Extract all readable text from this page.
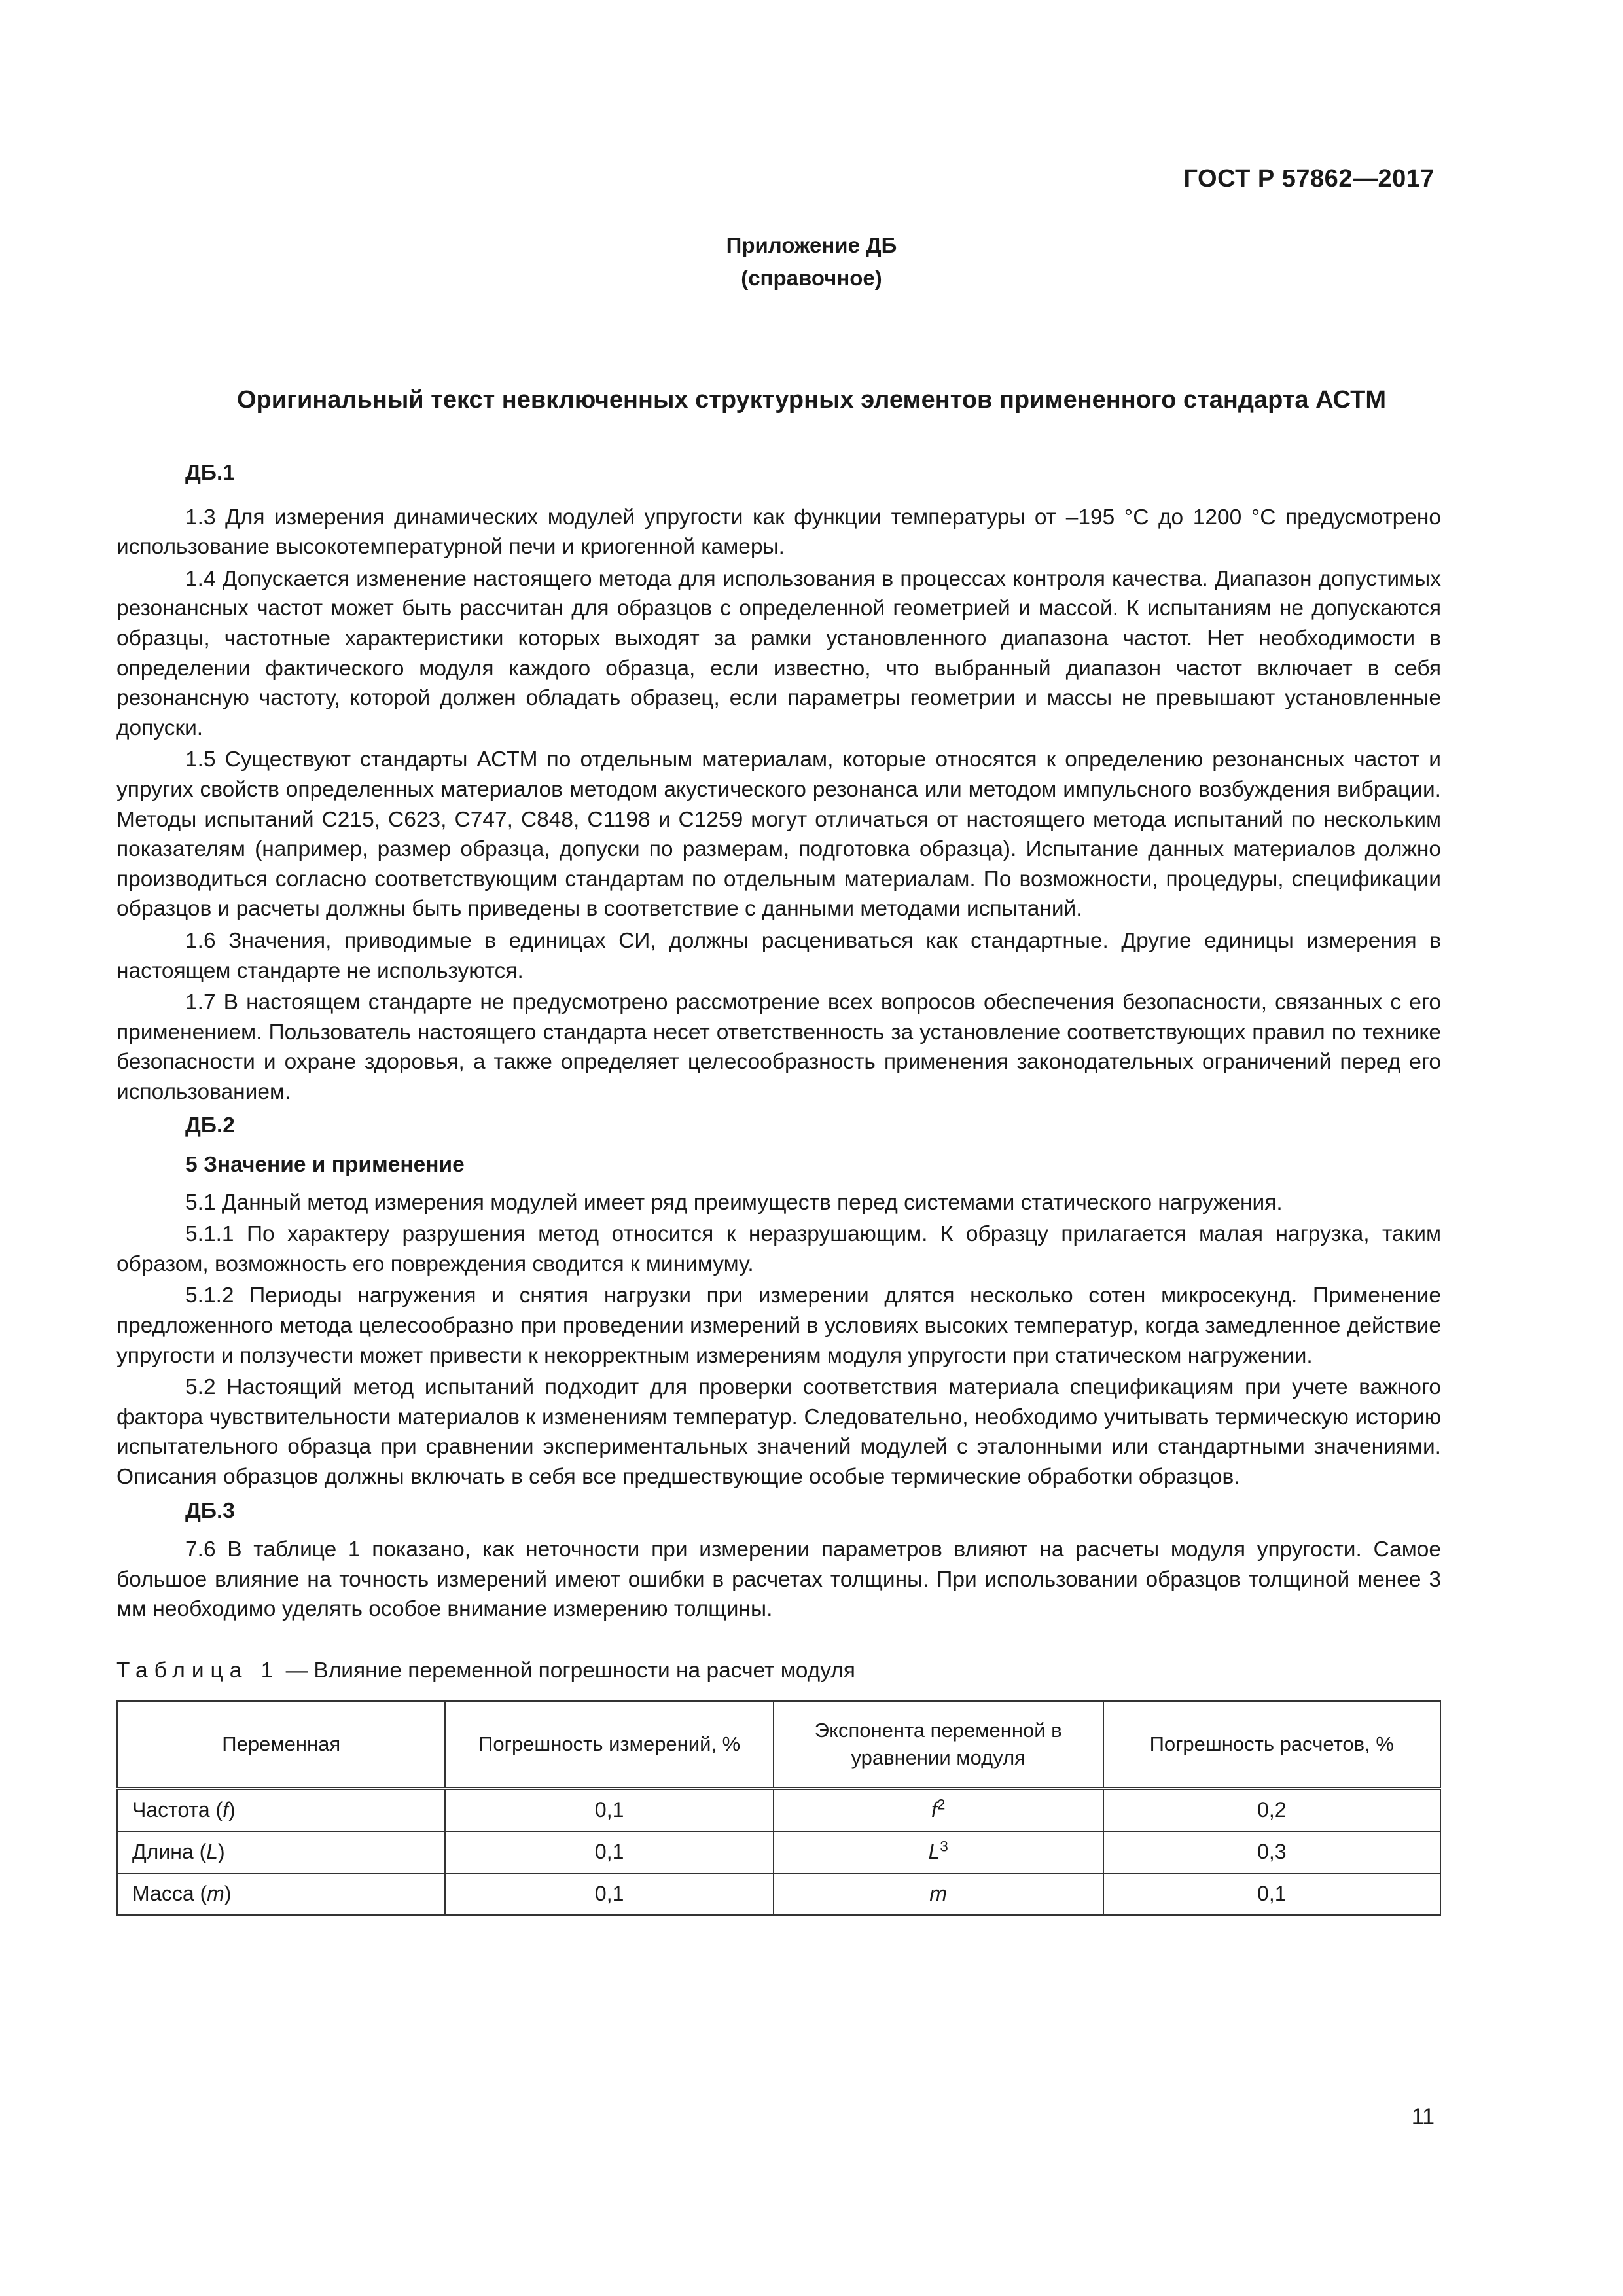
ГОСТ Р 57862—2017
Приложение ДБ
(справочное)
Оригинальный текст невключенных структурных элементов примененного стандарта АСТМ
ДБ.1

1.3 Для измерения динамических модулей упругости как функции температуры от –195 °С до 1200 °С предусмотрено использование высокотемпературной печи и криогенной камеры.

1.4 Допускается изменение настоящего метода для использования в процессах контроля качества. Диапазон допустимых резонансных частот может быть рассчитан для образцов с определенной геометрией и массой. К испытаниям не допускаются образцы, частотные характеристики которых выходят за рамки установленного диапазона частот. Нет необходимости в определении фактического модуля каждого образца, если известно, что выбранный диапазон частот включает в себя резонансную частоту, которой должен обладать образец, если параметры геометрии и массы не превышают установленные допуски.

1.5 Существуют стандарты АСТМ по отдельным материалам, которые относятся к определению резонансных частот и упругих свойств определенных материалов методом акустического резонанса или методом импульсного возбуждения вибрации. Методы испытаний С215, С623, С747, С848, С1198 и С1259 могут отличаться от настоящего метода испытаний по нескольким показателям (например, размер образца, допуски по размерам, подготовка образца). Испытание данных материалов должно производиться согласно соответствующим стандартам по отдельным материалам. По возможности, процедуры, спецификации образцов и расчеты должны быть приведены в соответствие с данными методами испытаний.

1.6 Значения, приводимые в единицах СИ, должны расцениваться как стандартные. Другие единицы измерения в настоящем стандарте не используются.

1.7 В настоящем стандарте не предусмотрено рассмотрение всех вопросов обеспечения безопасности, связанных с его применением. Пользователь настоящего стандарта несет ответственность за установление соответствующих правил по технике безопасности и охране здоровья, а также определяет целесообразность применения законодательных ограничений перед его использованием.

ДБ.2
5 Значение и применение

5.1 Данный метод измерения модулей имеет ряд преимуществ перед системами статического нагружения.

5.1.1 По характеру разрушения метод относится к неразрушающим. К образцу прилагается малая нагрузка, таким образом, возможность его повреждения сводится к минимуму.

5.1.2 Периоды нагружения и снятия нагрузки при измерении длятся несколько сотен микросекунд. Применение предложенного метода целесообразно при проведении измерений в условиях высоких температур, когда замедленное действие упругости и ползучести может привести к некорректным измерениям модуля упругости при статическом нагружении.

5.2 Настоящий метод испытаний подходит для проверки соответствия материала спецификациям при учете важного фактора чувствительности материалов к изменениям температур. Следовательно, необходимо учитывать термическую историю испытательного образца при сравнении экспериментальных значений модулей с эталонными или стандартными значениями. Описания образцов должны включать в себя все предшествующие особые термические обработки образцов.

ДБ.3

7.6 В таблице 1 показано, как неточности при измерении параметров влияют на расчеты модуля упругости. Самое большое влияние на точность измерений имеют ошибки в расчетах толщины. При использовании образцов толщиной менее 3 мм необходимо уделять особое внимание измерению толщины.

Таблица 1 — Влияние переменной погрешности на расчет модуля
Переменная	Погрешность измерений, %	Экспонента переменной в уравнении модуля	Погрешность расчетов, %
Частота (f)	0,1	$f^2$	0,2
Длина (L)	0,1	$L^3$	0,3
Масса (m)	0,1	m	0,1
11
